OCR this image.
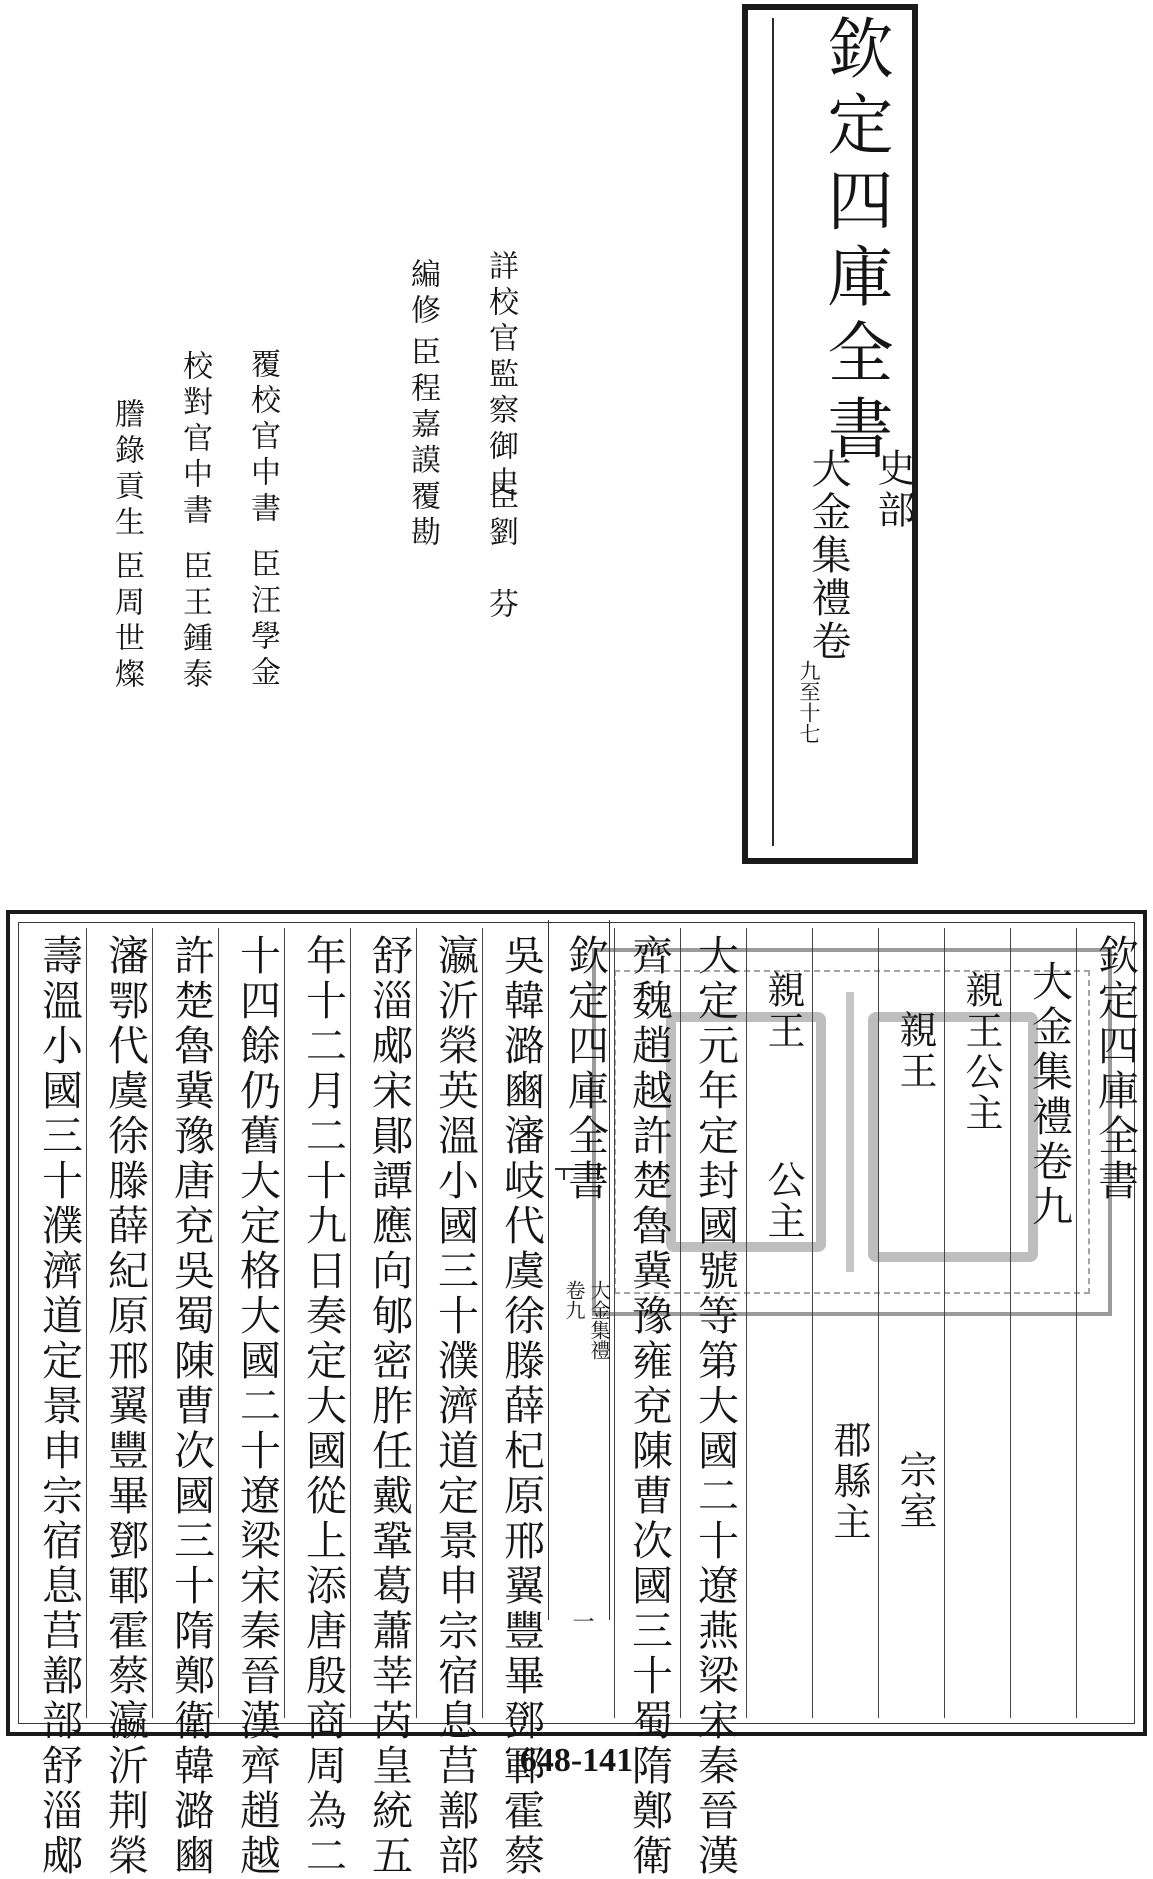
欽定四庫全書
史部
大金集禮卷
九至十七
詳校官監察御史
臣劉　芬
編修
臣程嘉謨覆勘
覆校官中書
臣汪學金
校對官中書
臣王鍾泰
謄錄貢生
臣周世燦
欽定四庫全書
大金集禮卷九
親王公主
親王
宗室
郡縣主
親王
公主
大定元年定封國號等第大國二十遼燕梁宋秦晉漢
齊魏趙越許楚魯冀豫雍兗陳曹次國三十蜀隋鄭衛
欽定四庫全書
大金集禮
卷九
一
吳韓潞豳瀋岐代虞徐滕薛杞原邢翼豐畢鄧鄆霍蔡
瀛沂榮英溫小國三十濮濟道定景申宗宿息莒鄯部
舒淄郕宋鄖譚應向郇密胙任戴鞏葛蕭莘芮皇統五
年十二月二十九日奏定大國從上添唐殷商周為二
十四餘仍舊大定格大國二十遼梁宋秦晉漢齊趙越
許楚魯冀豫唐兗吳蜀陳曹次國三十隋鄭衛韓潞豳
瀋鄂代虞徐滕薛紀原邢翼豐畢鄧鄆霍蔡瀛沂荆榮
壽溫小國三十濮濟道定景申宗宿息莒鄯部舒淄郕	648-141
